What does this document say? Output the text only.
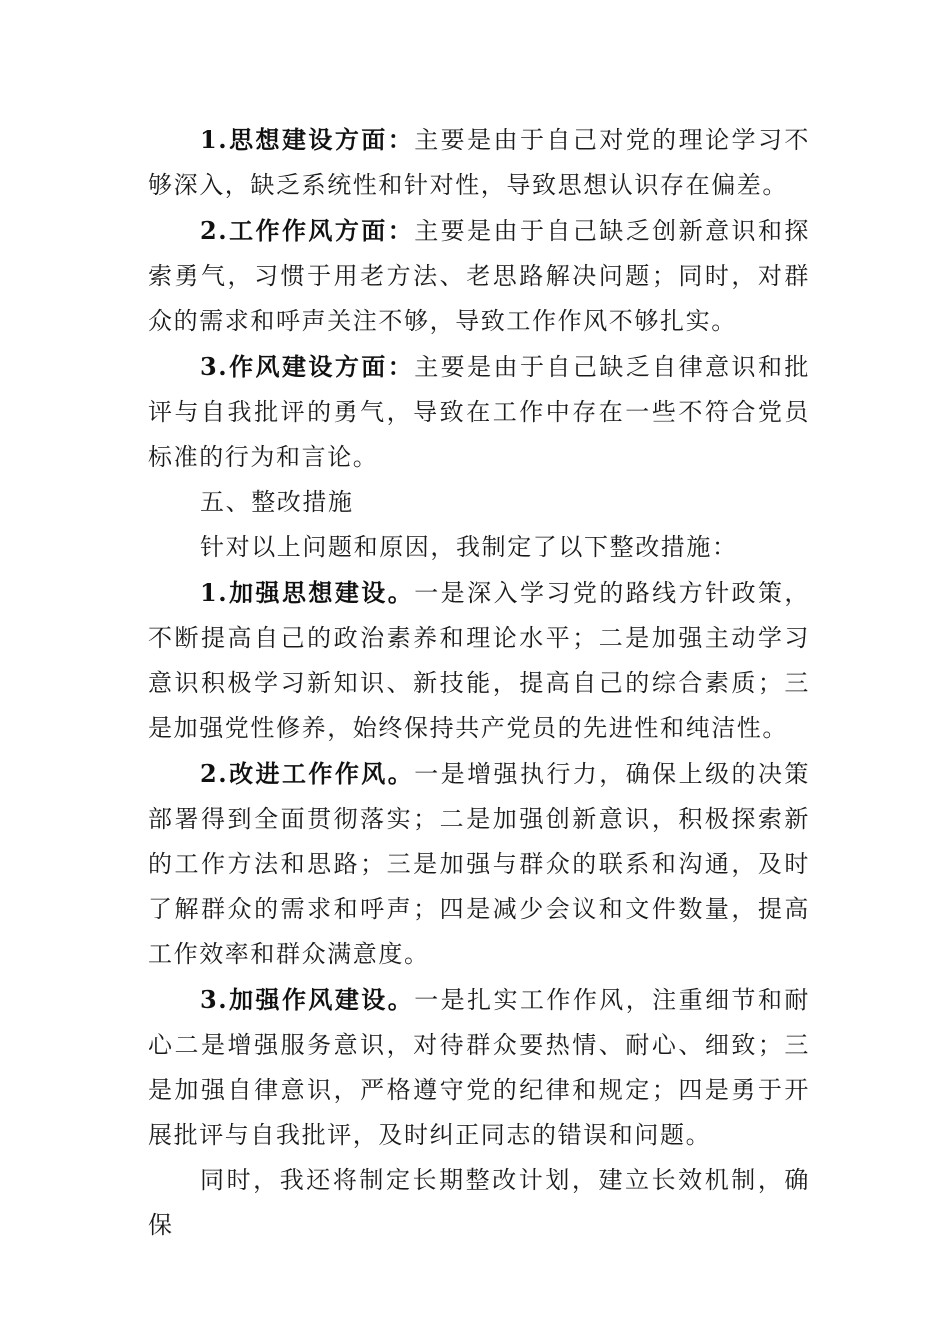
1.思想建设方面：主要是由于自己对党的理论学习不够深入，缺乏系统性和针对性，导致思想认识存在偏差。

2.工作作风方面：主要是由于自己缺乏创新意识和探索勇气，习惯于用老方法、老思路解决问题；同时，对群众的需求和呼声关注不够，导致工作作风不够扎实。

3.作风建设方面：主要是由于自己缺乏自律意识和批评与自我批评的勇气，导致在工作中存在一些不符合党员标准的行为和言论。

五、整改措施

针对以上问题和原因，我制定了以下整改措施：

1.加强思想建设。一是深入学习党的路线方针政策，不断提高自己的政治素养和理论水平；二是加强主动学习意识积极学习新知识、新技能，提高自己的综合素质；三是加强党性修养，始终保持共产党员的先进性和纯洁性。

2.改进工作作风。一是增强执行力，确保上级的决策部署得到全面贯彻落实；二是加强创新意识，积极探索新的工作方法和思路；三是加强与群众的联系和沟通，及时了解群众的需求和呼声；四是减少会议和文件数量，提高工作效率和群众满意度。

3.加强作风建设。一是扎实工作作风，注重细节和耐心二是增强服务意识，对待群众要热情、耐心、细致；三是加强自律意识，严格遵守党的纪律和规定；四是勇于开展批评与自我批评，及时纠正同志的错误和问题。

同时，我还将制定长期整改计划，建立长效机制，确保
